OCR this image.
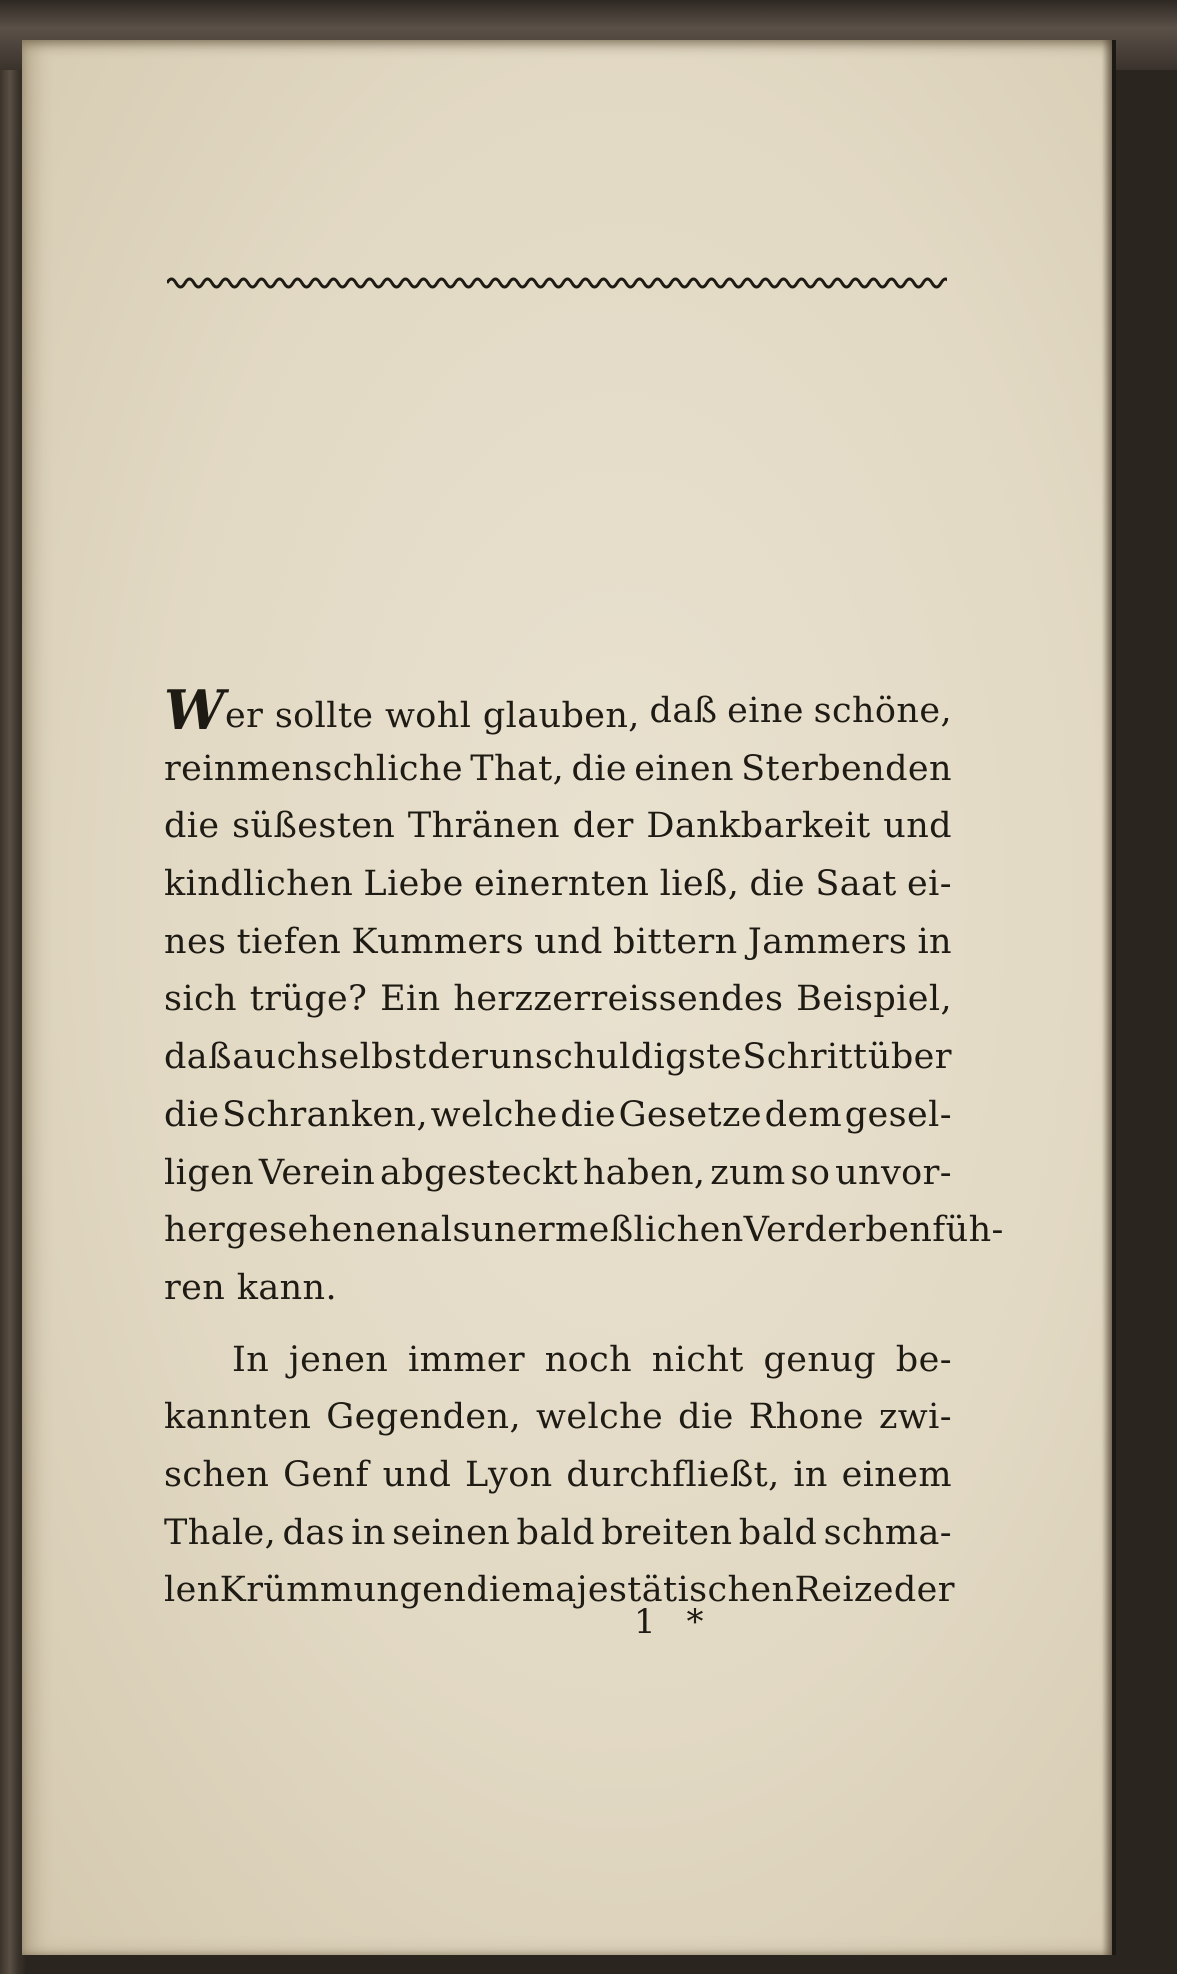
Wer sollte wohl glauben, daß eine schöne,
reinmenschliche That, die einen Sterbenden
die süßesten Thränen der Dankbarkeit und
kindlichen Liebe einernten ließ, die Saat ei-
nes tiefen Kummers und bittern Jammers in
sich trüge? Ein herzzerreissendes Beispiel,
daß auch selbst der unschuldigste Schritt über
die Schranken, welche die Gesetze dem gesel-
ligen Verein abgesteckt haben, zum so unvor-
hergesehenen als unermeßlichen Verderben füh-
ren kann.
In jenen immer noch nicht genug be-
kannten Gegenden, welche die Rhone zwi-
schen Genf und Lyon durchfließt, in einem
Thale, das in seinen bald breiten bald schma-
len Krümmungen die majestätischen Reize der
1 *
